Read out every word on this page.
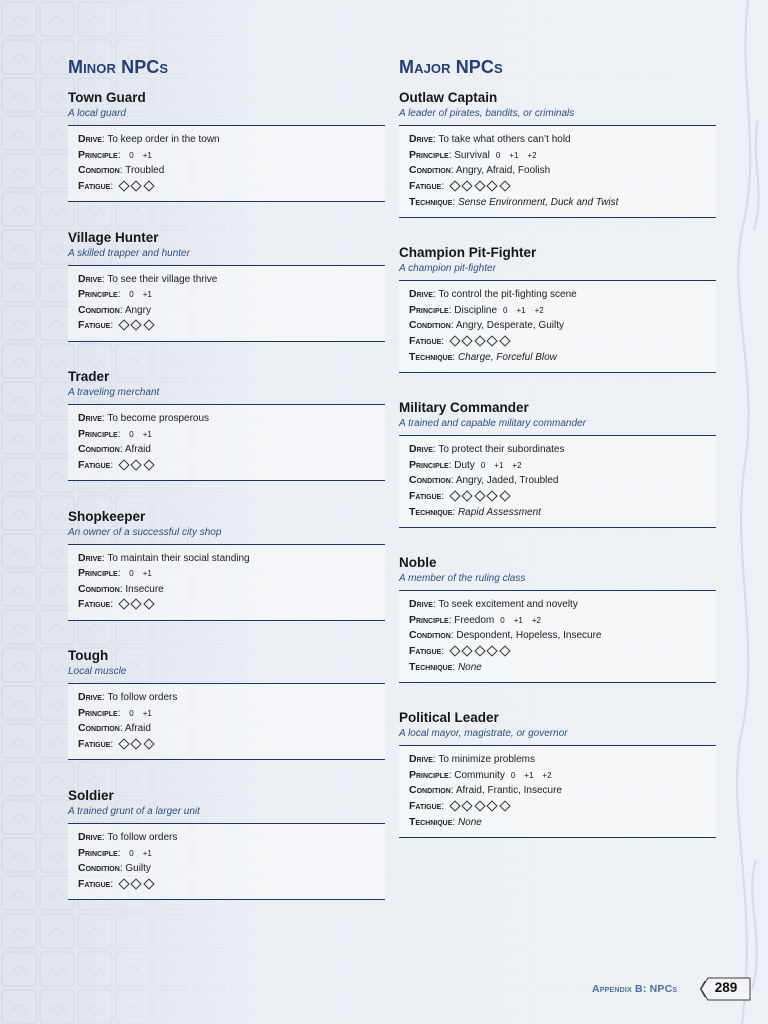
Minor NPCs
Town Guard
A local guard
Drive: To keep order in the town
Principle: 0 +1
Condition: Troubled
Fatigue:
Village Hunter
A skilled trapper and hunter
Drive: To see their village thrive
Principle: 0 +1
Condition: Angry
Fatigue:
Trader
A traveling merchant
Drive: To become prosperous
Principle: 0 +1
Condition: Afraid
Fatigue:
Shopkeeper
An owner of a successful city shop
Drive: To maintain their social standing
Principle: 0 +1
Condition: Insecure
Fatigue:
Tough
Local muscle
Drive: To follow orders
Principle: 0 +1
Condition: Afraid
Fatigue:
Soldier
A trained grunt of a larger unit
Drive: To follow orders
Principle: 0 +1
Condition: Guilty
Fatigue:
Major NPCs
Outlaw Captain
A leader of pirates, bandits, or criminals
Drive: To take what others can’t hold
Principle: Survival 0 +1 +2
Condition: Angry, Afraid, Foolish
Fatigue:
Technique: Sense Environment, Duck and Twist
Champion Pit-Fighter
A champion pit-fighter
Drive: To control the pit-fighting scene
Principle: Discipline 0 +1 +2
Condition: Angry, Desperate, Guilty
Fatigue:
Technique: Charge, Forceful Blow
Military Commander
A trained and capable military commander
Drive: To protect their subordinates
Principle: Duty 0 +1 +2
Condition: Angry, Jaded, Troubled
Fatigue:
Technique: Rapid Assessment
Noble
A member of the ruling class
Drive: To seek excitement and novelty
Principle: Freedom 0 +1 +2
Condition: Despondent, Hopeless, Insecure
Fatigue:
Technique: None
Political Leader
A local mayor, magistrate, or governor
Drive: To minimize problems
Principle: Community 0 +1 +2
Condition: Afraid, Frantic, Insecure
Fatigue:
Technique: None
Appendix B: NPCs	289
